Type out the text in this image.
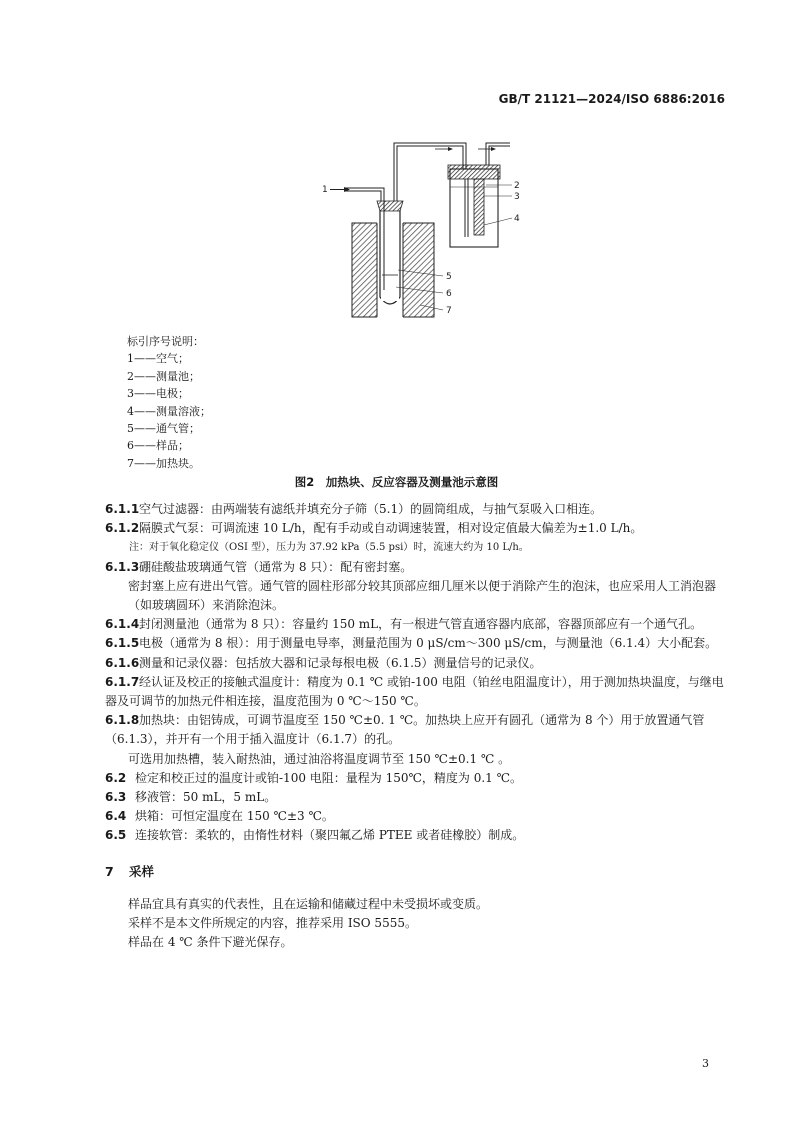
GB/T 21121—2024/ISO 6886:2016
1	2
3
4
5
6
7
标引序号说明：
1——空气；
2——测量池；
3——电极；
4——测量溶液；
5——通气管；
6——样品；
7——加热块。
图2　加热块、反应容器及测量池示意图

6.1.1空气过滤器：由两端装有滤纸并填充分子筛（5.1）的圆筒组成，与抽气泵吸入口相连。

6.1.2隔膜式气泵：可调流速 10 L/h，配有手动或自动调速装置，相对设定值最大偏差为±1.0 L/h。

注：对于氧化稳定仪（OSI 型），压力为 37.92 kPa（5.5 psi）时，流速大约为 10 L/h。

6.1.3硼硅酸盐玻璃通气管（通常为 8 只）：配有密封塞。

密封塞上应有进出气管。通气管的圆柱形部分较其顶部应细几厘米以便于消除产生的泡沫，也应采用人工消泡器（如玻璃圆环）来消除泡沫。

6.1.4封闭测量池（通常为 8 只）：容量约 150 mL，有一根进气管直通容器内底部，容器顶部应有一个通气孔。

6.1.5电极（通常为 8 根）：用于测量电导率，测量范围为 0 μS/cm～300 μS/cm，与测量池（6.1.4）大小配套。

6.1.6测量和记录仪器：包括放大器和记录每根电极（6.1.5）测量信号的记录仪。

6.1.7经认证及校正的接触式温度计：精度为 0.1 ℃ 或铂-100 电阻（铂丝电阻温度计），用于测加热块温度，与继电器及可调节的加热元件相连接，温度范围为 0 ℃～150 ℃。

6.1.8加热块：由铝铸成，可调节温度至 150 ℃±0. 1 ℃。加热块上应开有圆孔（通常为 8 个）用于放置通气管（6.1.3），并开有一个用于插入温度计（6.1.7）的孔。

可选用加热槽，装入耐热油，通过油浴将温度调节至 150 ℃±0.1 ℃ 。

6.2 检定和校正过的温度计或铂-100 电阻：量程为 150℃，精度为 0.1 ℃。

6.3 移液管：50 mL，5 mL。

6.4 烘箱：可恒定温度在 150 ℃±3 ℃。

6.5 连接软管：柔软的，由惰性材料（聚四氟乙烯 PTEE 或者硅橡胶）制成。

7 采样

样品宜具有真实的代表性，且在运输和储藏过程中未受损坏或变质。

采样不是本文件所规定的内容，推荐采用 ISO 5555。

样品在 4 ℃ 条件下避光保存。

3
